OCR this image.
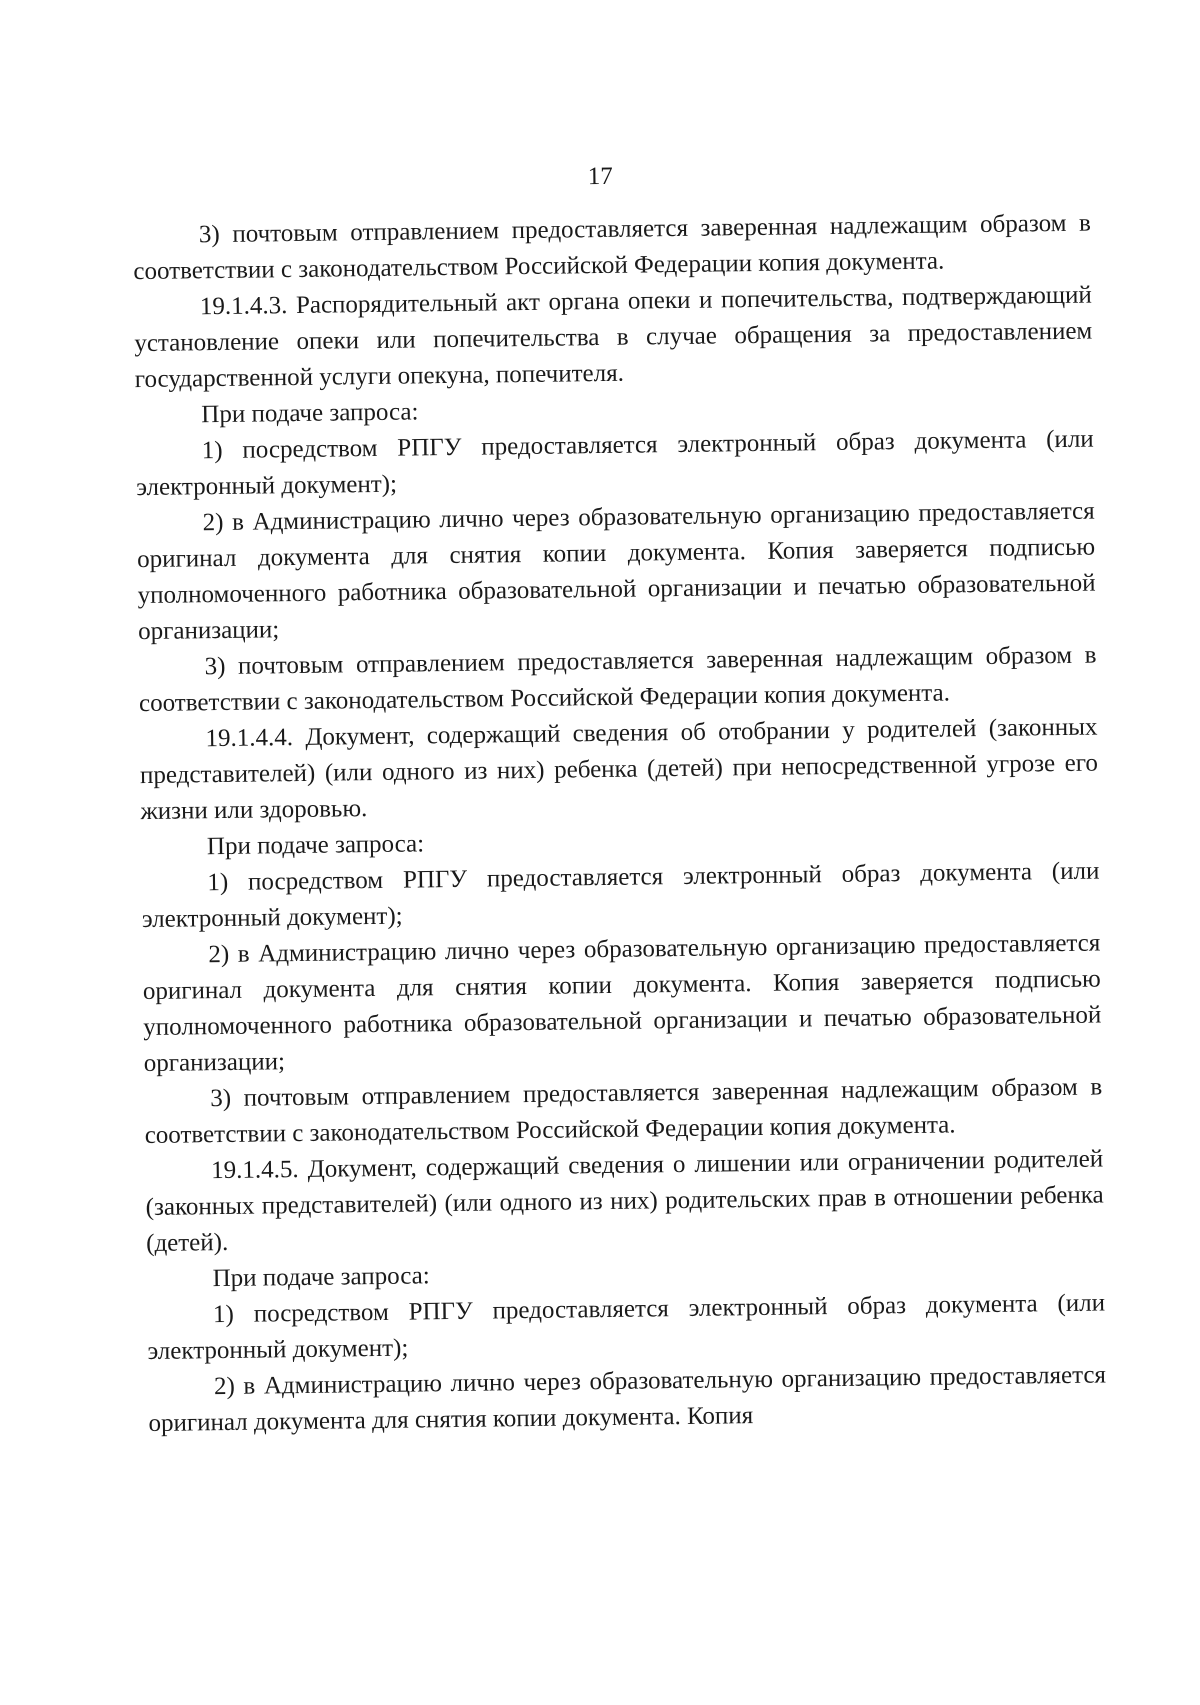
17

3) почтовым отправлением предоставляется заверенная надлежащим образом в соответствии с законодательством Российской Федерации копия документа.

19.1.4.3. Распорядительный акт органа опеки и попечительства, подтверждающий установление опеки или попечительства в случае обращения за предоставлением государственной услуги опекуна, попечителя.

При подаче запроса:

1) посредством РПГУ предоставляется электронный образ документа (или электронный документ);

2) в Администрацию лично через образовательную организацию предоставляется оригинал документа для снятия копии документа. Копия заверяется подписью уполномоченного работника образовательной организации и печатью образовательной организации;

3) почтовым отправлением предоставляется заверенная надлежащим образом в соответствии с законодательством Российской Федерации копия документа.

19.1.4.4. Документ, содержащий сведения об отобрании у родителей (законных представителей) (или одного из них) ребенка (детей) при непосредственной угрозе его жизни или здоровью.

При подаче запроса:

1) посредством РПГУ предоставляется электронный образ документа (или электронный документ);

2) в Администрацию лично через образовательную организацию предоставляется оригинал документа для снятия копии документа. Копия заверяется подписью уполномоченного работника образовательной организации и печатью образовательной организации;

3) почтовым отправлением предоставляется заверенная надлежащим образом в соответствии с законодательством Российской Федерации копия документа.

19.1.4.5. Документ, содержащий сведения о лишении или ограничении родителей (законных представителей) (или одного из них) родительских прав в отношении ребенка (детей).

При подаче запроса:

1) посредством РПГУ предоставляется электронный образ документа (или электронный документ);

2) в Администрацию лично через образовательную организацию предоставляется оригинал документа для снятия копии документа. Копия
